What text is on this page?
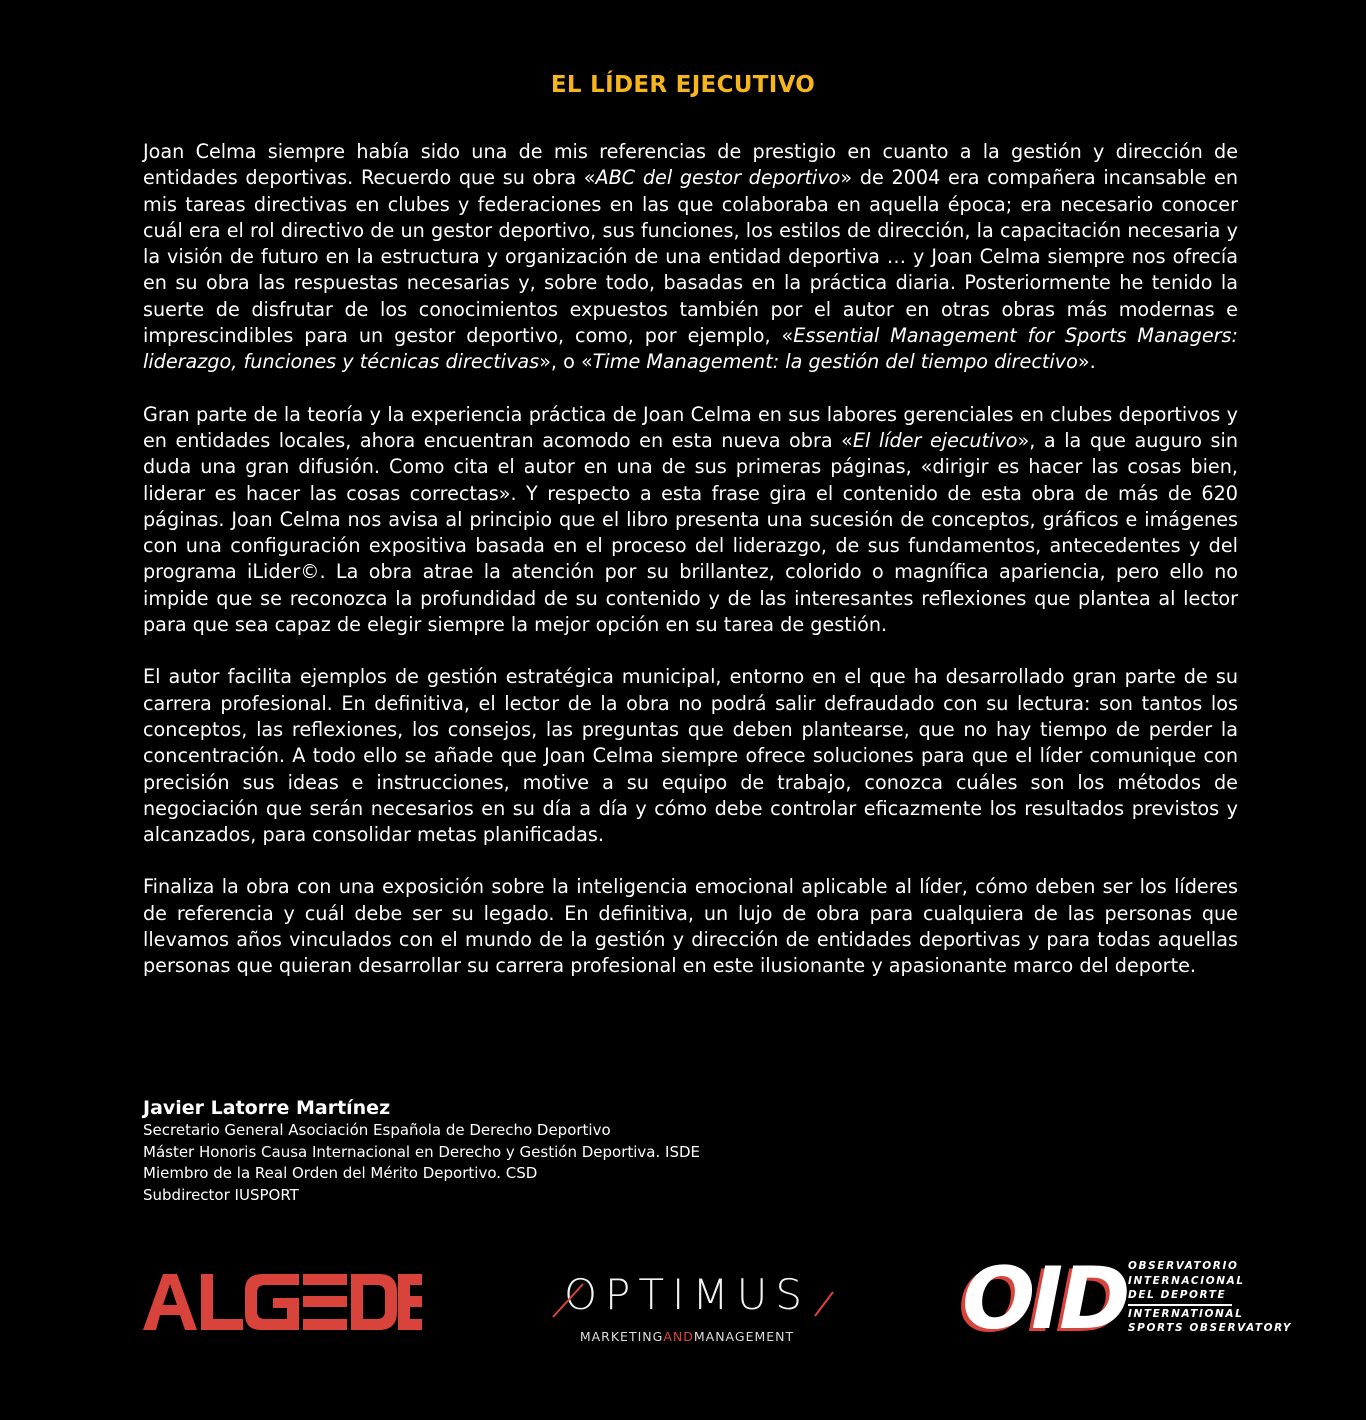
EL LÍDER EJECUTIVO

Joan Celma siempre había sido una de mis referencias de prestigio en cuanto a la gestión y dirección de entidades deportivas. Recuerdo que su obra «ABC del gestor deportivo» de 2004 era compañera incansable en mis tareas directivas en clubes y federaciones en las que colaboraba en aquella época; era necesario conocer cuál era el rol directivo de un gestor deportivo, sus funciones, los estilos de dirección, la capacitación necesaria y la visión de futuro en la estructura y organización de una entidad deportiva … y Joan Celma siempre nos ofrecía en su obra las respuestas necesarias y, sobre todo, basadas en la práctica diaria. Posteriormente he tenido la suerte de disfrutar de los conocimientos expuestos también por el autor en otras obras más modernas e imprescindibles para un gestor deportivo, como, por ejemplo, «Essential Management for Sports Managers: liderazgo, funciones y técnicas directivas», o «Time Management: la gestión del tiempo directivo».

Gran parte de la teoría y la experiencia práctica de Joan Celma en sus labores gerenciales en clubes deportivos y en entidades locales, ahora encuentran acomodo en esta nueva obra «El líder ejecutivo», a la que auguro sin duda una gran difusión. Como cita el autor en una de sus primeras páginas, «dirigir es hacer las cosas bien, liderar es hacer las cosas correctas». Y respecto a esta frase gira el contenido de esta obra de más de 620 páginas. Joan Celma nos avisa al principio que el libro presenta una sucesión de conceptos, gráficos e imágenes con una configuración expositiva basada en el proceso del liderazgo, de sus fundamentos, antecedentes y del programa iLider©. La obra atrae la atención por su brillantez, colorido o magnífica apariencia, pero ello no impide que se reconozca la profundidad de su contenido y de las interesantes reflexiones que plantea al lector para que sea capaz de elegir siempre la mejor opción en su tarea de gestión.

El autor facilita ejemplos de gestión estratégica municipal, entorno en el que ha desarrollado gran parte de su carrera profesional. En definitiva, el lector de la obra no podrá salir defraudado con su lectura: son tantos los conceptos, las reflexiones, los consejos, las preguntas que deben plantearse, que no hay tiempo de perder la concentración. A todo ello se añade que Joan Celma siempre ofrece soluciones para que el líder comunique con precisión sus ideas e instrucciones, motive a su equipo de trabajo, conozca cuáles son los métodos de negociación que serán necesarios en su día a día y cómo debe controlar eficazmente los resultados previstos y alcanzados, para consolidar metas planificadas.

Finaliza la obra con una exposición sobre la inteligencia emocional aplicable al líder, cómo deben ser los líderes de referencia y cuál debe ser su legado. En definitiva, un lujo de obra para cualquiera de las personas que llevamos años vinculados con el mundo de la gestión y dirección de entidades deportivas y para todas aquellas personas que quieran desarrollar su carrera profesional en este ilusionante y apasionante marco del deporte.

Javier Latorre Martínez
Secretario General Asociación Española de Derecho Deportivo
Máster Honoris Causa Internacional en Derecho y Gestión Deportiva. ISDE
Miembro de la Real Orden del Mérito Deportivo. CSD
Subdirector IUSPORT
OPTIMUS
MARKETINGANDMANAGEMENT	OID OBSERVATORIO
INTERNACIONAL
DEL DEPORTE
INTERNATIONAL
SPORTS OBSERVATORY
